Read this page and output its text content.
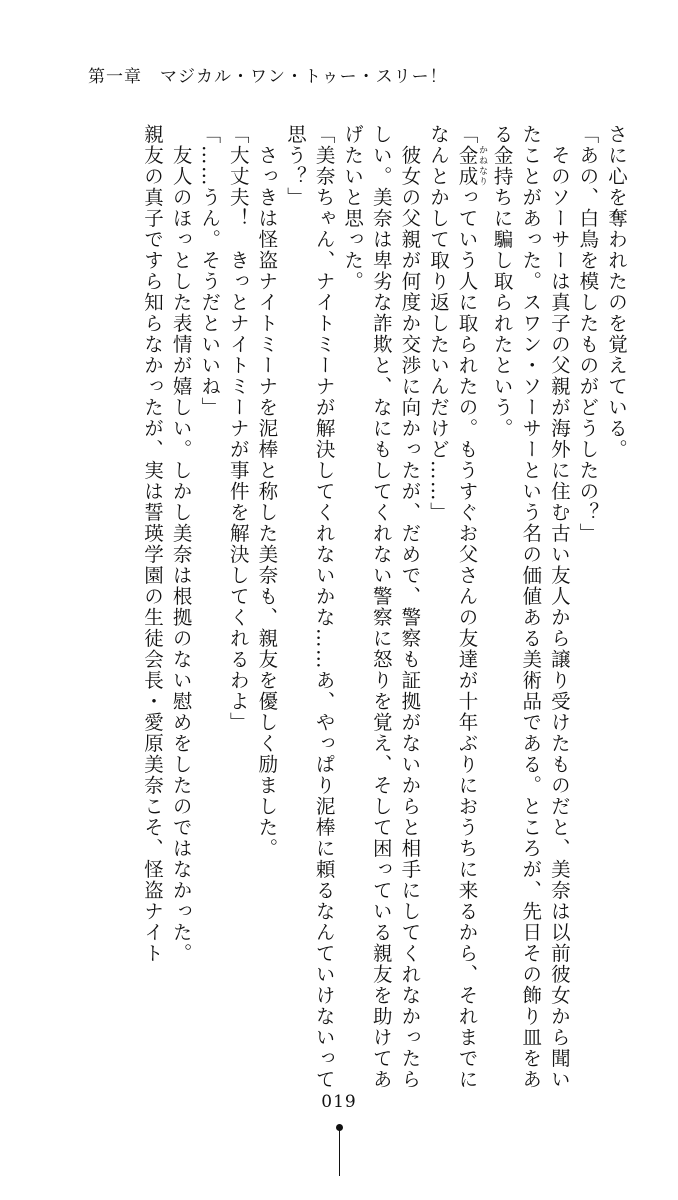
第一章　マジカル・ワン・トゥー・スリー！

さに心を奪われたのを覚えている。

「あの、白鳥を模したものがどうしたの？」

　そのソーサーは真子の父親が海外に住む古い友人から譲り受けたものだと、美奈は以前彼女から聞いたことがあった。スワン・ソーサーという名の価値ある美術品である。ところが、先日その飾り皿をある金持ちに騙し取られたという。

「金成かねなりっていう人に取られたの。もうすぐお父さんの友達が十年ぶりにおうちに来るから、それまでになんとかして取り返したいんだけど……」

　彼女の父親が何度か交渉に向かったが、だめで、警察も証拠がないからと相手にしてくれなかったらしい。美奈は卑劣な詐欺と、なにもしてくれない警察に怒りを覚え、そして困っている親友を助けてあげたいと思った。

「美奈ちゃん、ナイトミーナが解決してくれないかな……あ、やっぱり泥棒に頼るなんていけないって思う？」

　さっきは怪盗ナイトミーナを泥棒と称した美奈も、親友を優しく励ました。

「大丈夫！　きっとナイトミーナが事件を解決してくれるわよ」

「……うん。そうだといいね」

　友人のほっとした表情が嬉しい。しかし美奈は根拠のない慰めをしたのではなかった。

親友の真子ですら知らなかったが、実は誓瑛学園の生徒会長・愛原美奈こそ、怪盗ナイト

019
